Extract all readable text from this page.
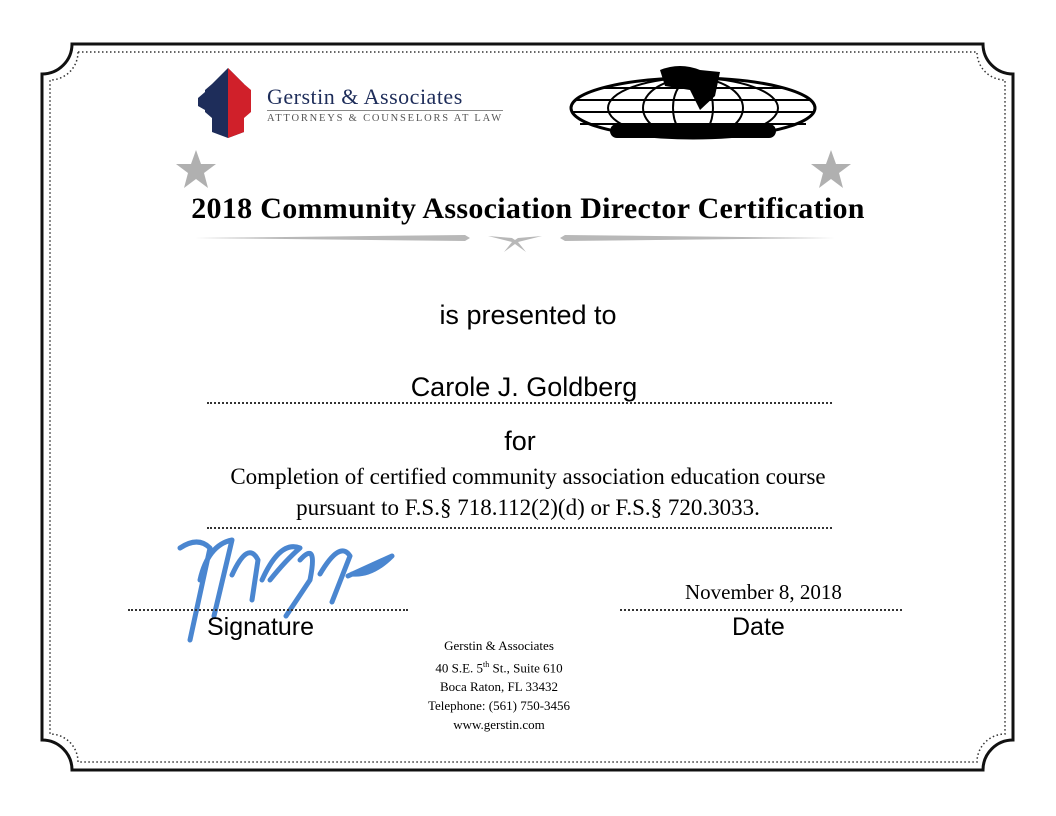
Gerstin & Associates
ATTORNEYS & COUNSELORS AT LAW
2018 Community Association Director Certification
is presented to
Carole J. Goldberg
for
Completion of certified community association education course
pursuant to F.S.§ 718.112(2)(d) or F.S.§ 720.3033.
Signature
November 8, 2018
Date
Gerstin & Associates
40 S.E. 5th St., Suite 610
Boca Raton, FL 33432
Telephone: (561) 750-3456
www.gerstin.com
